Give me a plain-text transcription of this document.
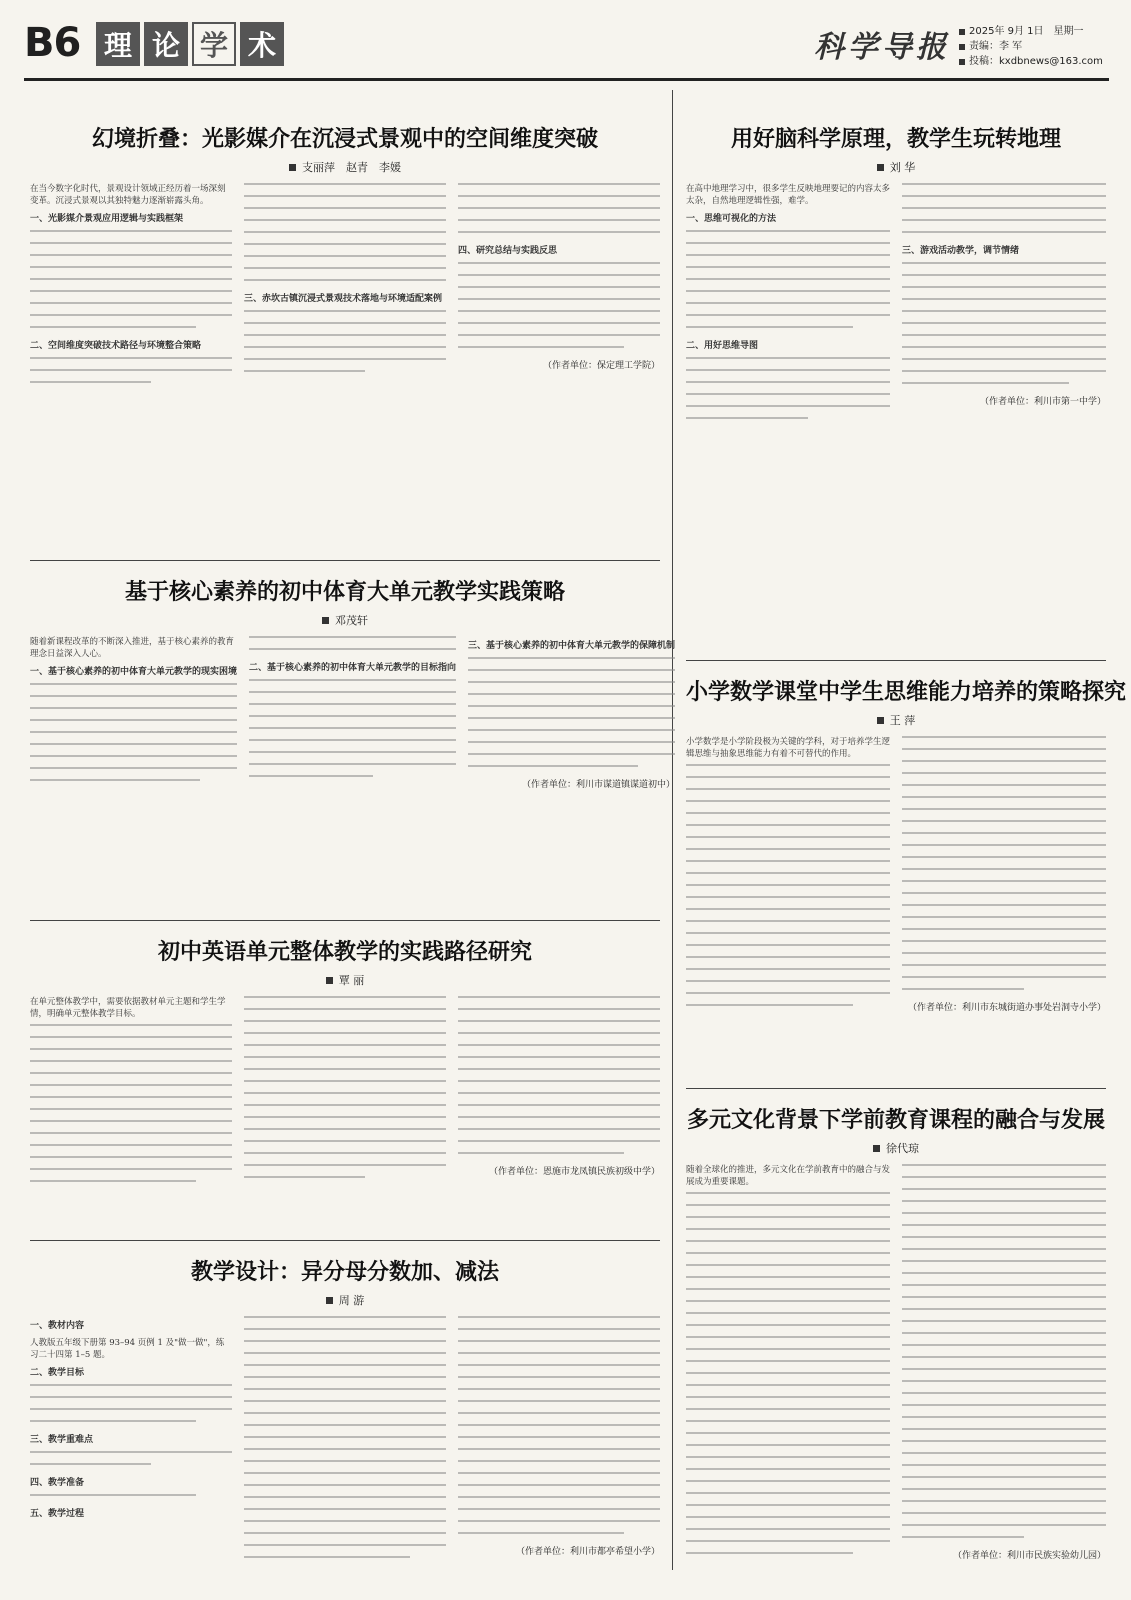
B6 理 论 学 术	科学导报 2025年 9月 1日　星期一
责编：李 军
投稿：kxdbnews@163.com
幻境折叠：光影媒介在沉浸式景观中的空间维度突破
支丽萍　赵青　李媛
在当今数字化时代，景观设计领域正经历着一场深刻变革。沉浸式景观以其独特魅力逐渐崭露头角。
一、光影媒介景观应用逻辑与实践框架
二、空间维度突破技术路径与环境整合策略
三、赤坎古镇沉浸式景观技术落地与环境适配案例
四、研究总结与实践反思
（作者单位：保定理工学院）
用好脑科学原理，教学生玩转地理
刘 华
在高中地理学习中，很多学生反映地理要记的内容太多太杂，自然地理逻辑性强，难学。
一、思维可视化的方法
二、用好思维导图
三、游戏活动教学，调节情绪
（作者单位：利川市第一中学）
基于核心素养的初中体育大单元教学实践策略
邓茂轩
随着新课程改革的不断深入推进，基于核心素养的教育理念日益深入人心。
一、基于核心素养的初中体育大单元教学的现实困境 二、基于核心素养的初中体育大单元教学的目标指向
三、基于核心素养的初中体育大单元教学的保障机制
（作者单位：利川市谋道镇谋道初中）
小学数学课堂中学生思维能力培养的策略探究
王 萍
小学数学是小学阶段极为关键的学科，对于培养学生逻辑思维与抽象思维能力有着不可替代的作用。
（作者单位：利川市东城街道办事处岩洞寺小学）
初中英语单元整体教学的实践路径研究
覃 丽
在单元整体教学中，需要依据教材单元主题和学生学情，明确单元整体教学目标。
（作者单位：恩施市龙凤镇民族初级中学）
多元文化背景下学前教育课程的融合与发展
徐代琼
随着全球化的推进，多元文化在学前教育中的融合与发展成为重要课题。
（作者单位：利川市民族实验幼儿园）
教学设计：异分母分数加、减法
周 游
一、教材内容
人教版五年级下册第 93–94 页例 1 及"做一做"，练习二十四第 1–5 题。
二、教学目标
三、教学重难点
四、教学准备
五、教学过程
（作者单位：利川市都亭希望小学）
